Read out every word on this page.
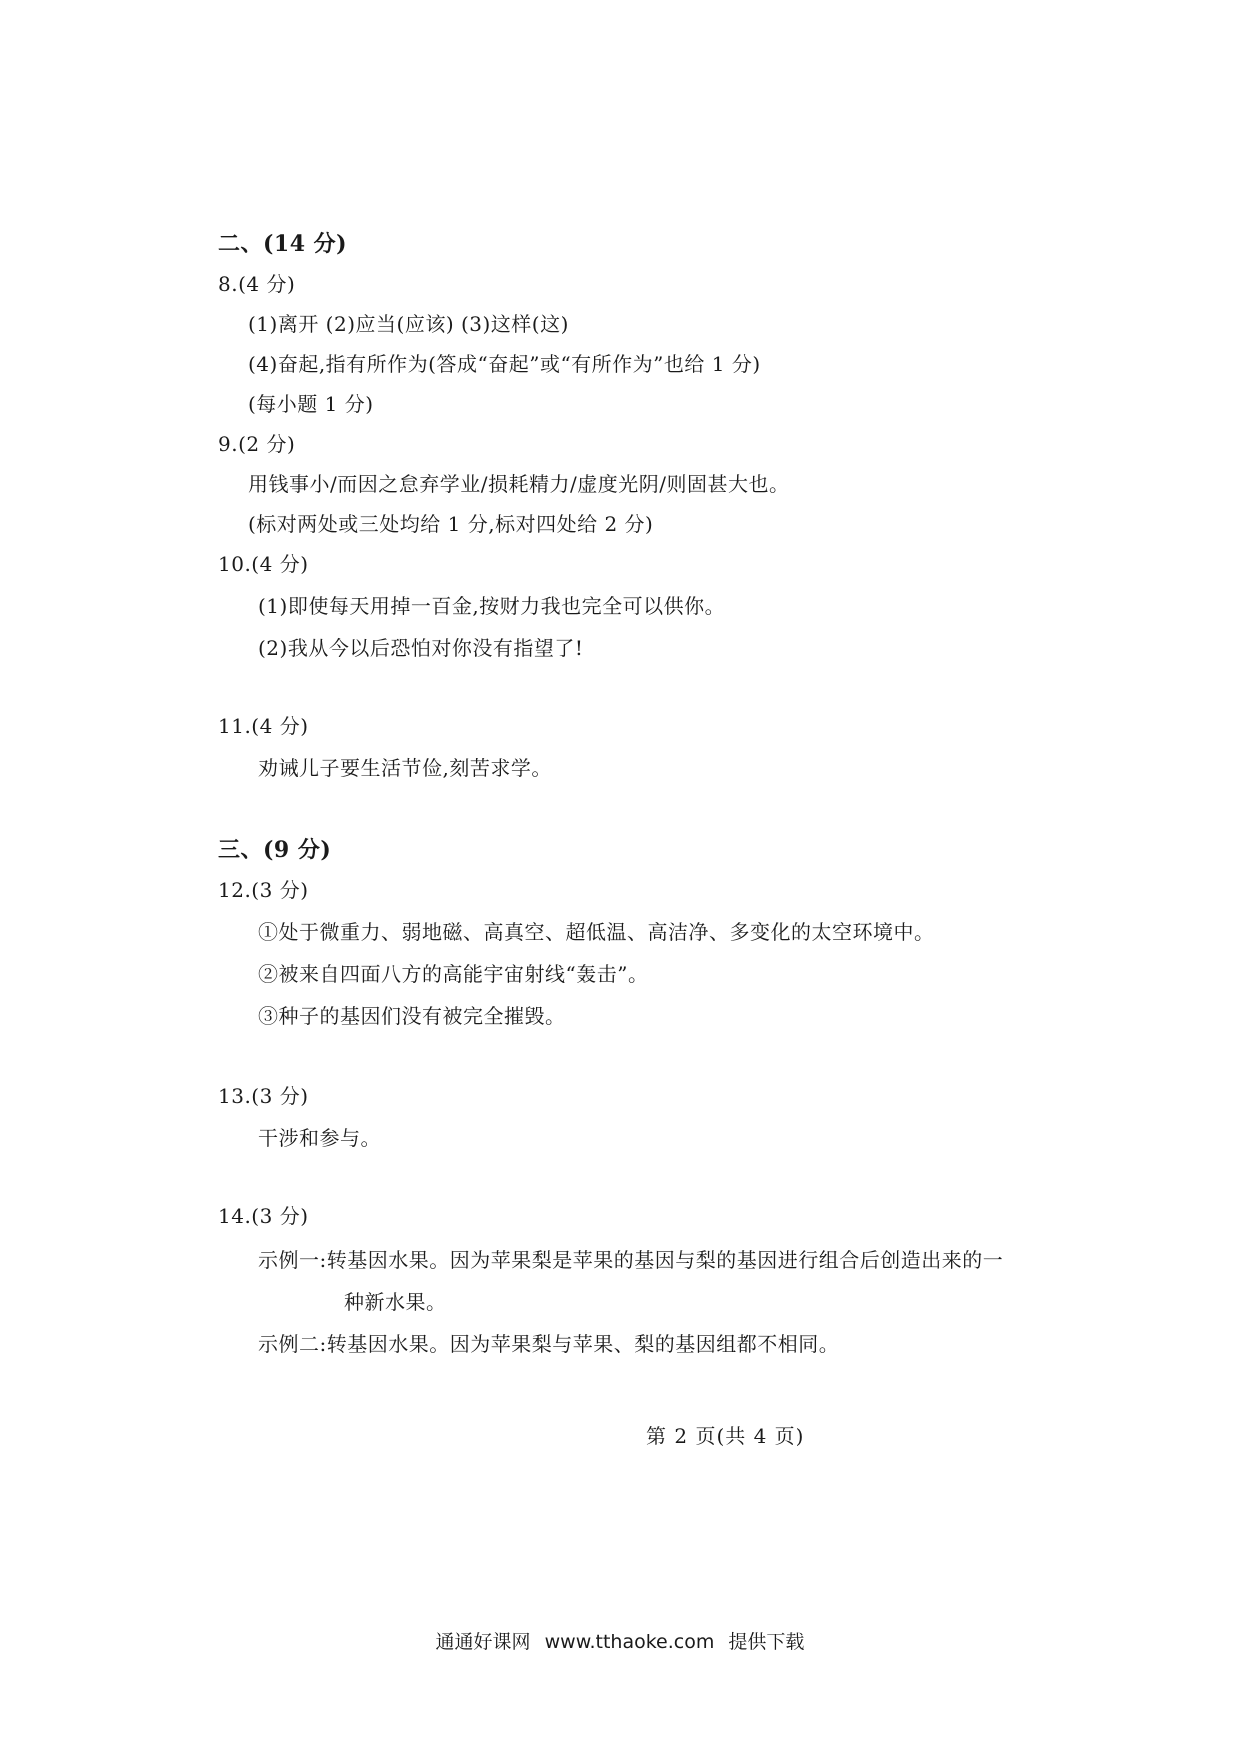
二、(14 分)
8.(4 分)
(1)离开 (2)应当(应该) (3)这样(这)
(4)奋起,指有所作为(答成“奋起”或“有所作为”也给 1 分)
(每小题 1 分)
9.(2 分)
用钱事小/而因之怠弃学业/损耗精力/虚度光阴/则固甚大也。
(标对两处或三处均给 1 分,标对四处给 2 分)
10.(4 分)
(1)即使每天用掉一百金,按财力我也完全可以供你。
(2)我从今以后恐怕对你没有指望了!
11.(4 分)
劝诫儿子要生活节俭,刻苦求学。
三、(9 分)
12.(3 分)
①处于微重力、弱地磁、高真空、超低温、高洁净、多变化的太空环境中。
②被来自四面八方的高能宇宙射线“轰击”。
③种子的基因们没有被完全摧毁。
13.(3 分)
干涉和参与。
14.(3 分)
示例一:转基因水果。因为苹果梨是苹果的基因与梨的基因进行组合后创造出来的一
种新水果。
示例二:转基因水果。因为苹果梨与苹果、梨的基因组都不相同。
第 2 页(共 4 页)
通通好课网 www.tthaoke.com 提供下载
